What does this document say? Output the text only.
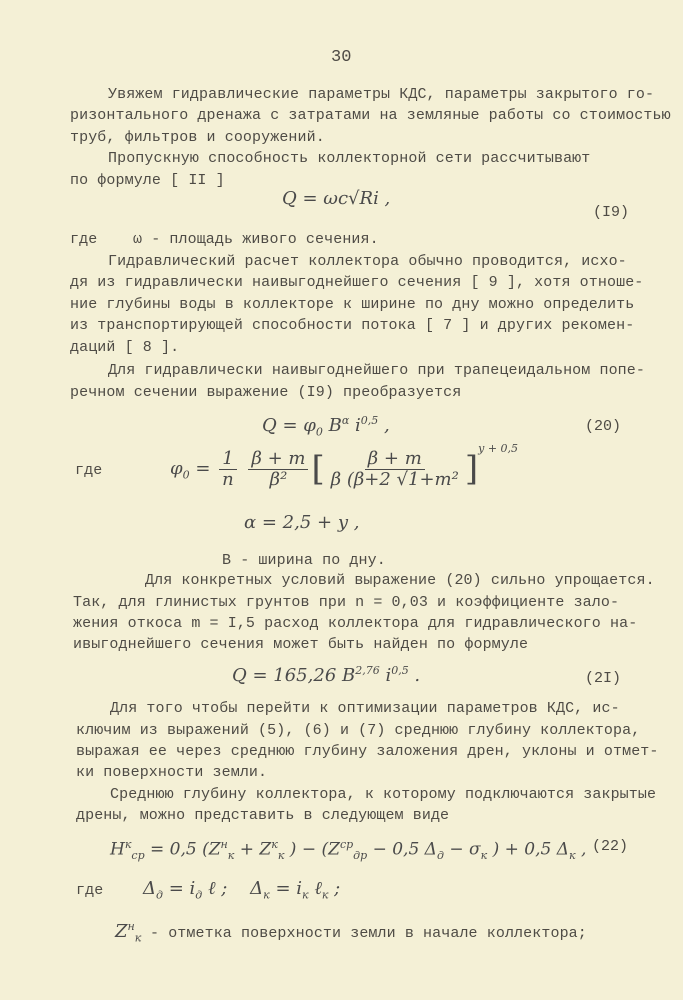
30
Увяжем гидравлические параметры КДС, параметры закрытого го-
ризонтального дренажа с затратами на земляные работы со стоимостью
труб, фильтров и сооружений.
Пропускную способность коллекторной сети рассчитывают
по формуле [ II ]
Q = ωc√Ri ,
(I9)
где ω - площадь живого сечения.
Гидравлический расчет коллектора обычно проводится, исхо-
дя из гидравлически наивыгоднейшего сечения [ 9 ], хотя отноше-
ние глубины воды в коллекторе к ширине по дну можно определить
из транспортирующей способности потока [ 7 ] и других рекомен-
даций [ 8 ].
Для гидравлически наивыгоднейшего при трапецеидальном попе-
речном сечении выражение (I9) преобразуется
$Q = \varphi_0$ $B^\alpha$ $i^{0,5}$ ,	(20)
где	$\varphi_0 = \frac{1}{n}$
$\frac{\beta + m}{\text{β²}}$ [ $\frac{\beta + m}{\text{β (β+2 √1+m²}} ]^{y + 0,5}$
α = 2,5 + y ,
В - ширина по дну.
Для конкретных условий выражение (20) сильно упрощается.
Так, для глинистых грунтов при n = 0,03 и коэффициенте зало-
жения откоса m = I,5 расход коллектора для гидравлического на-
ивыгоднейшего сечения может быть найден по формуле
Q = 165,26 B$^{2,76}$ $i^{0,5}$ .	(2I)
Для того чтобы перейти к оптимизации параметров КДС, ис-
ключим из выражений (5), (6) и (7) среднюю глубину коллектора,
выражая ее через среднюю глубину заложения дрен, уклоны и отмет-
ки поверхности земли.
Среднюю глубину коллектора, к которому подключаются закрытые
дрены, можно представить в следующем виде
$H^к_{ср} = 0,5$ ($Z^н_к + Z^к_к$ ) − ($Z^{ср}_{др} - 0,5$ $\Delta_д - \sigma_к$ ) + 0,5 $\Delta_к$ , (22)
где $\Delta_д = i_д$ ℓ ; $\Delta_к = i_к$ ℓ$_к$ ;
$Z^н_к$ - отметка поверхности земли в начале коллектора;
